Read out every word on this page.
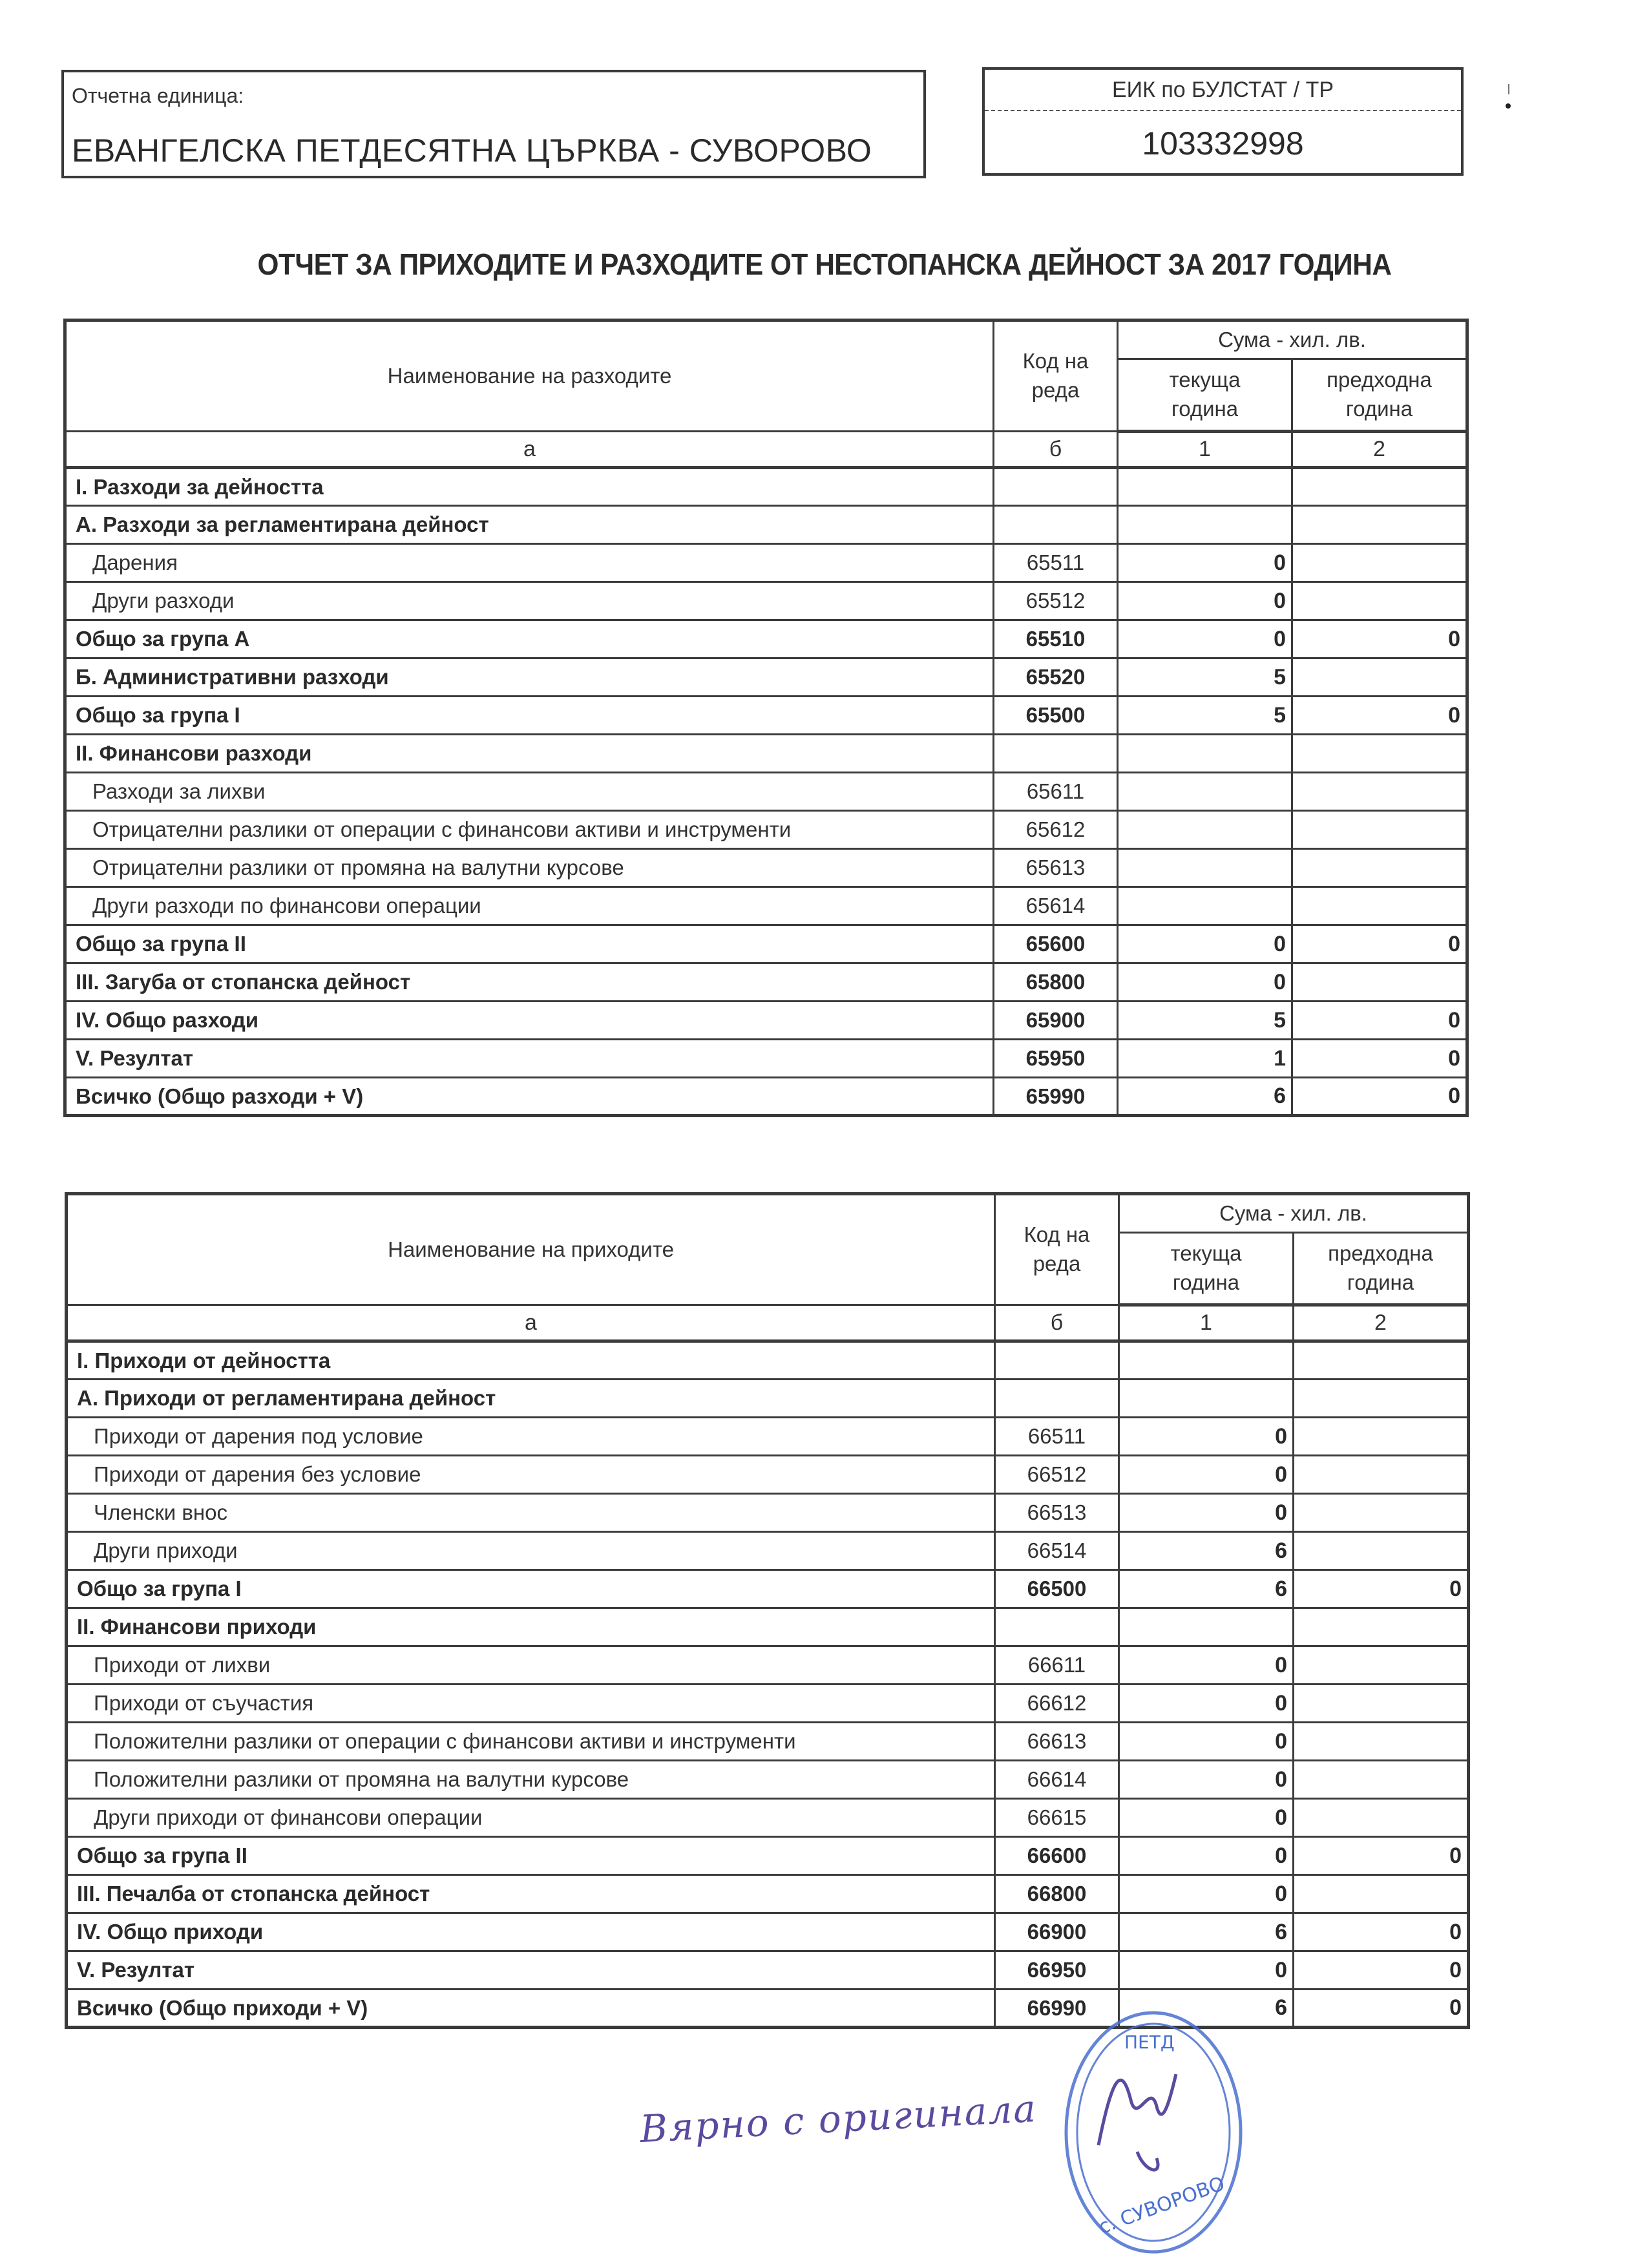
Отчетна единица:
ЕВАНГЕЛСКА ПЕТДЕСЯТНА ЦЪРКВА - СУВОРОВО
ЕИК по БУЛСТАТ / ТР
103332998
ОТЧЕТ ЗА ПРИХОДИТЕ И РАЗХОДИТЕ ОТ НЕСТОПАНСКА ДЕЙНОСТ ЗА 2017 ГОДИНА
Наименование на разходите	Код на реда	Сума - хил. лв.	
		текуща година	предходна година
а	б	1	2
I. Разходи за дейността			
А. Разходи за регламентирана дейност			
Дарения	65511	0	
Други разходи	65512	0	
Общо за група А	65510	0	0
Б. Административни разходи	65520	5	
Общо за група I	65500	5	0
II. Финансови разходи			
Разходи за лихви	65611		
Отрицателни разлики от операции с финансови активи и инструменти	65612		
Отрицателни разлики от промяна на валутни курсове	65613		
Други разходи по финансови операции	65614		
Общо за група II	65600	0	0
III. Загуба от стопанска дейност	65800	0	
IV. Общо разходи	65900	5	0
V. Резултат	65950	1	0
Всичко (Общо разходи + V)	65990	6	0
Наименование на приходите	Код на реда	Сума - хил. лв.	
		текуща година	предходна година
а	б	1	2
I. Приходи от дейността			
А. Приходи от регламентирана дейност			
Приходи от дарения под условие	66511	0	
Приходи от дарения без условие	66512	0	
Членски внос	66513	0	
Други приходи	66514	6	
Общо за група I	66500	6	0
II. Финансови приходи			
Приходи от лихви	66611	0	
Приходи от съучастия	66612	0	
Положителни разлики от операции с финансови активи и инструменти	66613	0	
Положителни разлики от промяна на валутни курсове	66614	0	
Други приходи от финансови операции	66615	0	
Общо за група II	66600	0	0
III. Печалба от стопанска дейност	66800	0	
IV. Общо приходи	66900	6	0
V. Резултат	66950	0	0
Всичко (Общо приходи + V)	66990	6	0
Вярно с оригинала
ПЕТД
с. СУВОРОВО
